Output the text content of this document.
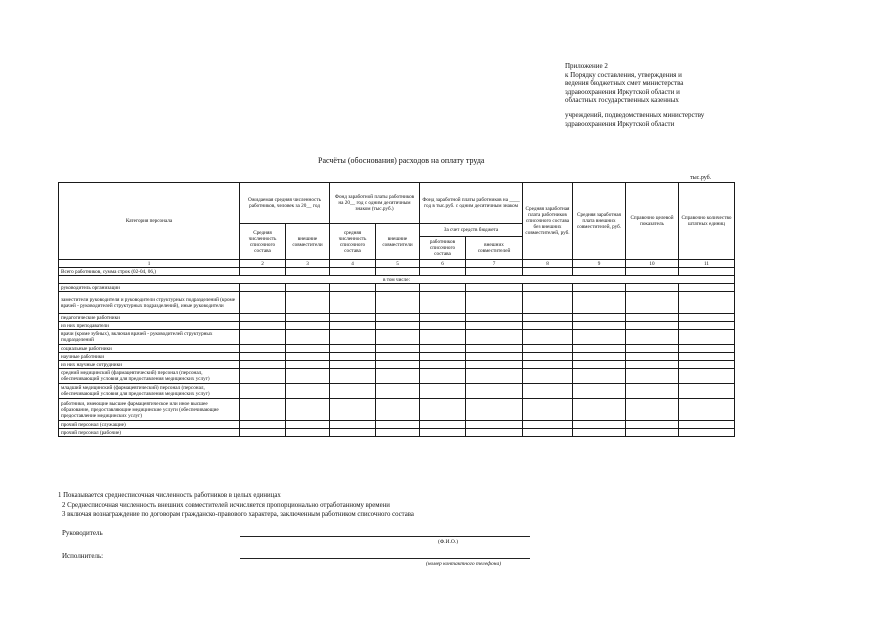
Приложение 2
к Порядку составления, утверждения и
ведения бюджетных смет министерства
здравоохранения Иркутской области и
областных государственных казенных
учреждений, подведомственных министерству
здравоохранения Иркутской области
Расчёты (обоснования) расходов на оплату труда
тыс.руб.
Категория персонала	Ожидаемая средняя численность работников, человек за 20__ год		Фонд заработной платы работников на 20__ год с одним десятичным знаком (тыс.руб.)		Фонд заработной платы работников на ____ год в тыс.руб. с одним десятичным знаком		Средняя заработная плата работников списочного состава без внешних совместителей, руб.	Средняя заработная плата внешних совместителей, руб.	Справочно целевой показатель	Справочно количество штатных единиц
	Средняя численность списочного состава	внешние совместители	средняя численность списочного состава	внешние совместители	За счет средств бюджета					
					работников списочного состава	внешних совместителей				
1	2	3	4	5	6	7	8	9	10	11
Всего работников, сумма строк (02-04, 06,)										
в том числе:										
руководитель организации										
заместители руководителя и руководители структурных подразделений (кроме врачей - руководителей структурных подразделений), иные руководители										
педагогические работники										
из них преподаватели										
врачи (кроме зубных), включая врачей - руководителей структурных подразделений										
социальные работники										
научные работники										
из них научные сотрудники										
средний медицинский (фармацевтический) персонал (персонал, обеспечивающий условия для предоставления медицинских услуг)										
младший медицинский (фармацевтический) персонал (персонал, обеспечивающий условия для предоставления медицинских услуг)										
работники, имеющие высшее фармацевтическое или иное высшее образование, предоставляющие медицинские услуги (обеспечивающие предоставление медицинских услуг)										
прочий персонал (служащие)										
прочий персонал (рабочие)										
1 Показывается среднесписочная численность работников в целых единицах
2 Среднесписочная численность внешних совместителей исчисляется пропорционально отработанному времени
3 включая вознаграждение по договорам гражданско-правового характера, заключенным работником списочного состава
Руководитель
(Ф.И.О.)
Исполнитель:
(номер контактного телефона)
